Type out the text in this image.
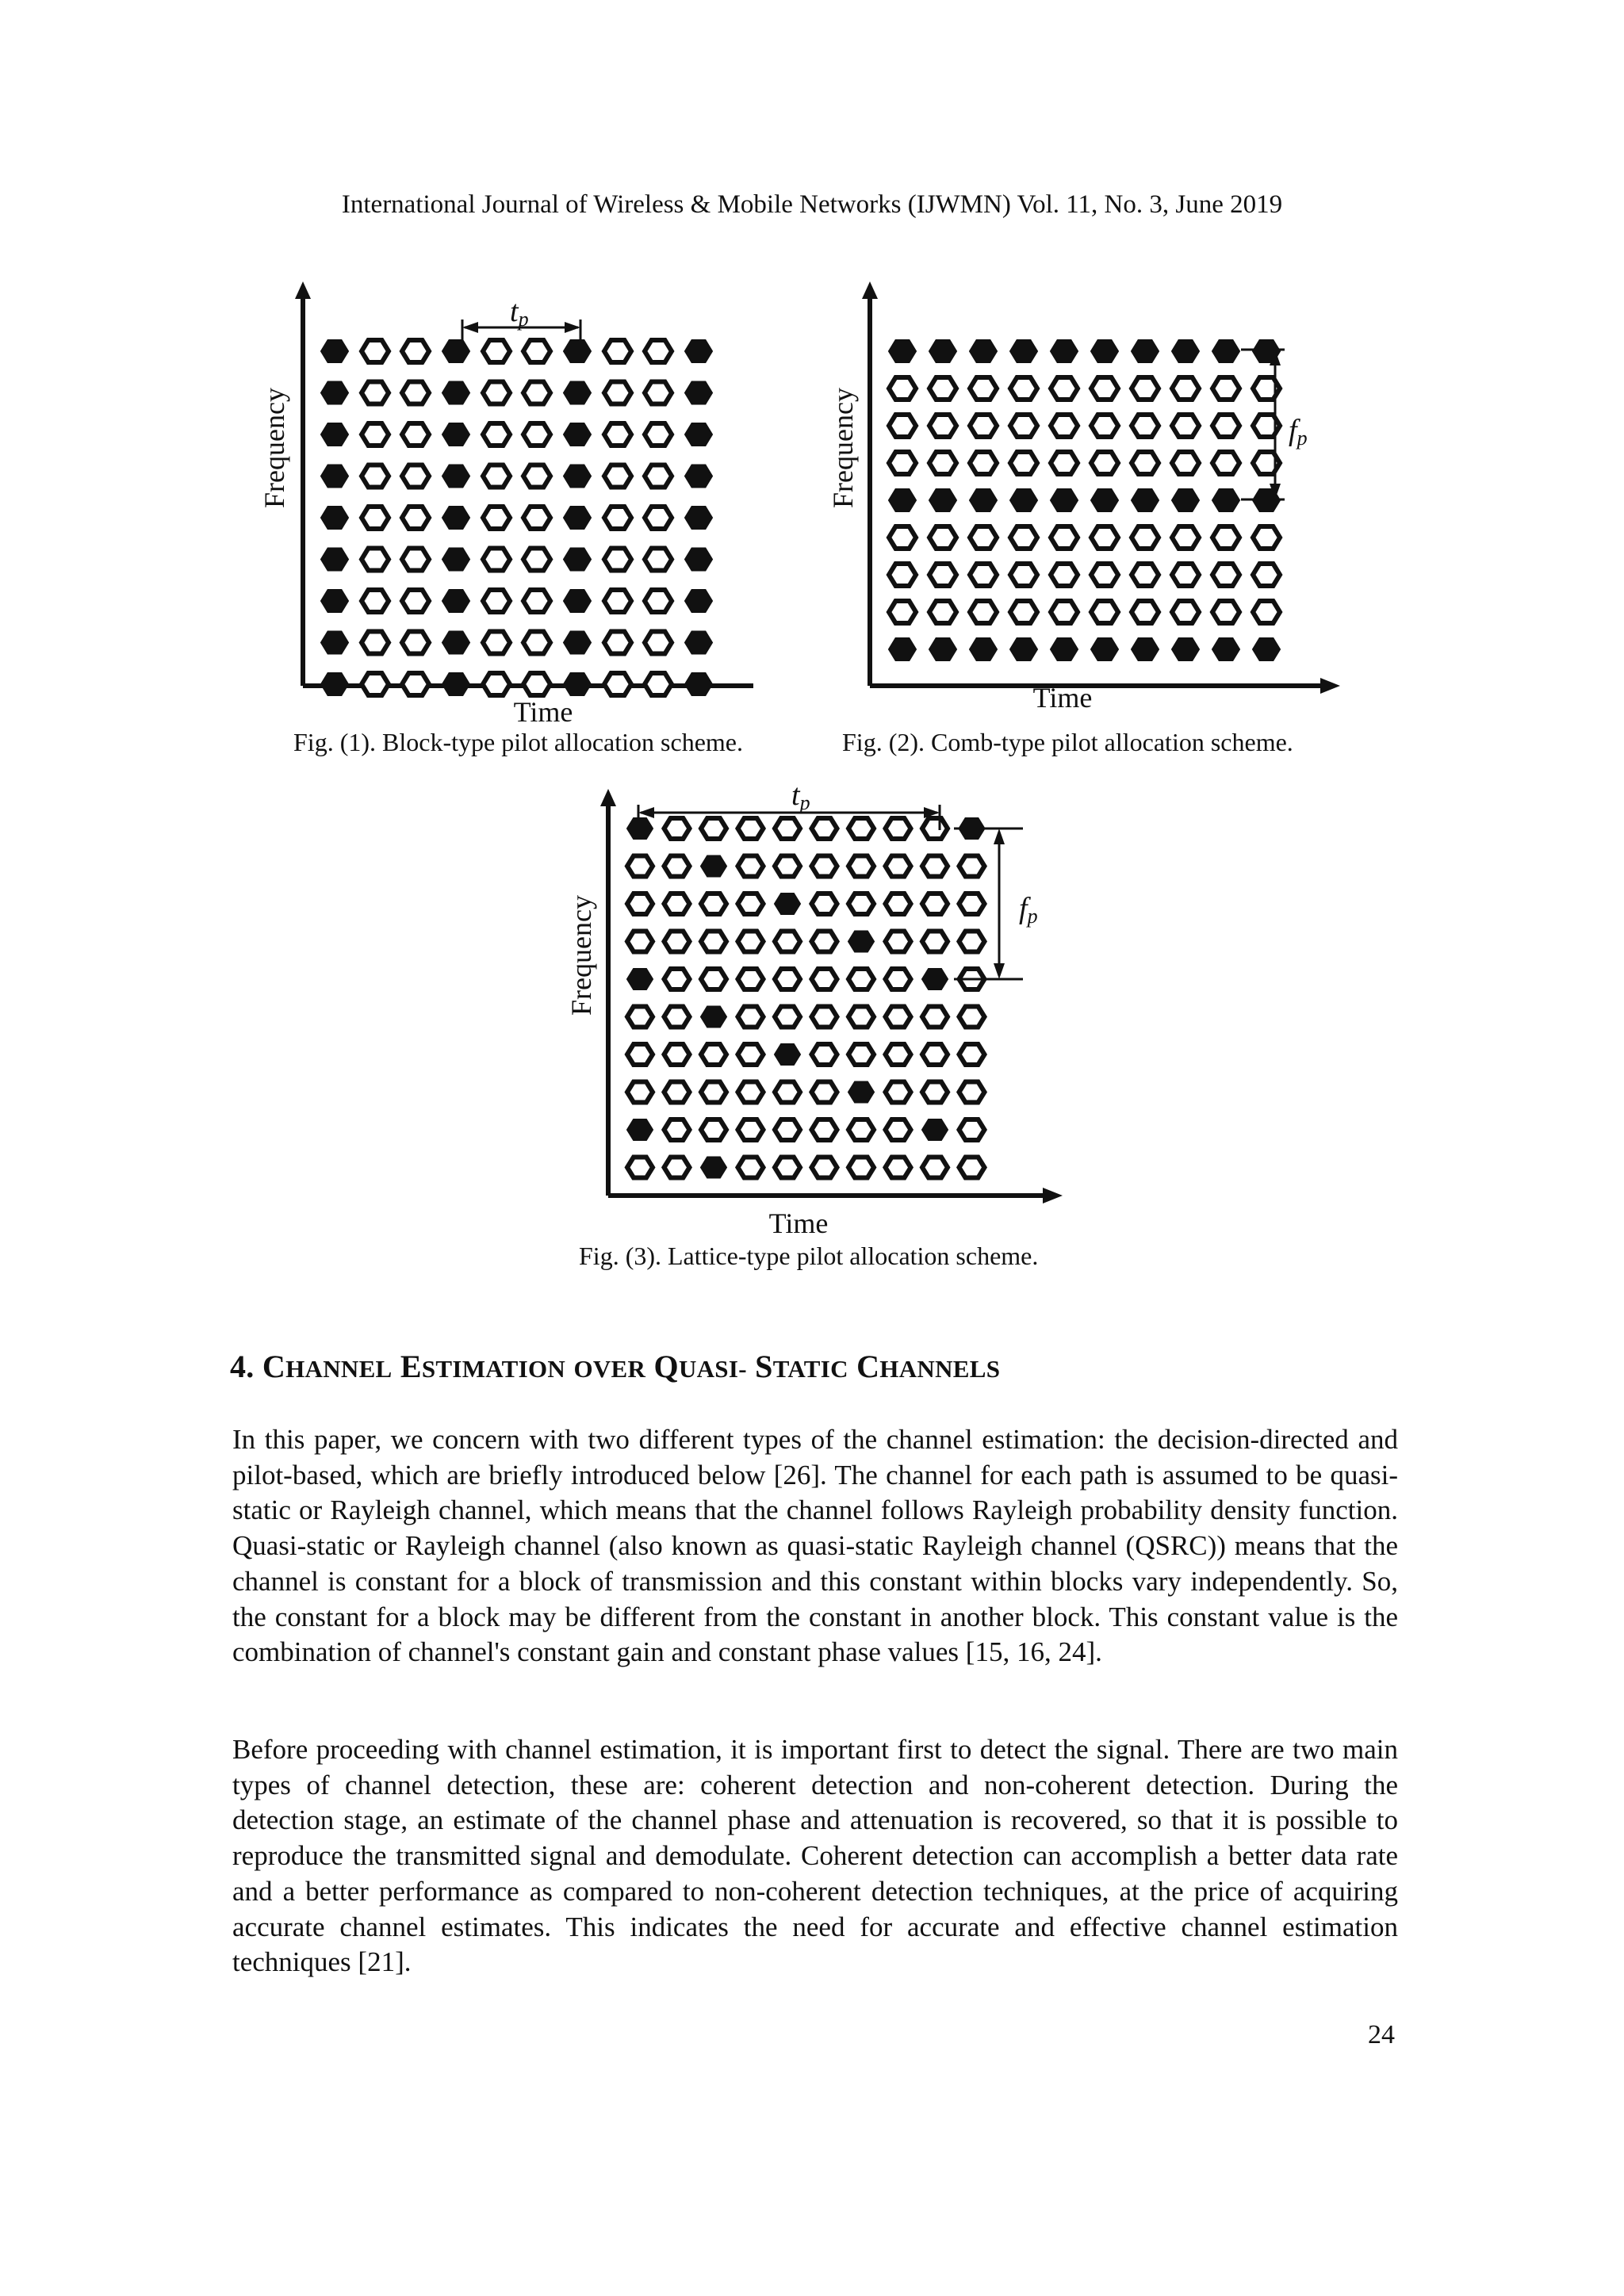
International Journal of Wireless & Mobile Networks (IJWMN) Vol. 11, No. 3, June 2019
tp
Time
Frequency
Fig. (1). Block-type pilot allocation scheme.
fp
Time
Frequency
Fig. (2). Comb-type pilot allocation scheme.
tp
fp
Time
Frequency
Fig. (3). Lattice-type pilot allocation scheme.
4. CHANNEL ESTIMATION OVER QUASI- STATIC CHANNELS

In this paper, we concern with two different types of the channel estimation: the decision-directed and pilot-based, which are briefly introduced below [26]. The channel for each path is assumed to be quasi-static or Rayleigh channel, which means that the channel follows Rayleigh probability density function. Quasi-static or Rayleigh channel (also known as quasi-static Rayleigh channel (QSRC)) means that the channel is constant for a block of transmission and this constant within blocks vary independently. So, the constant for a block may be different from the constant in another block. This constant value is the combination of channel's constant gain and constant phase values [15, 16, 24].

Before proceeding with channel estimation, it is important first to detect the signal. There are two main types of channel detection, these are: coherent detection and non-coherent detection. During the detection stage, an estimate of the channel phase and attenuation is recovered, so that it is possible to reproduce the transmitted signal and demodulate. Coherent detection can accomplish a better data rate and a better performance as compared to non-coherent detection techniques, at the price of acquiring accurate channel estimates. This indicates the need for accurate and effective channel estimation techniques [21].

24
